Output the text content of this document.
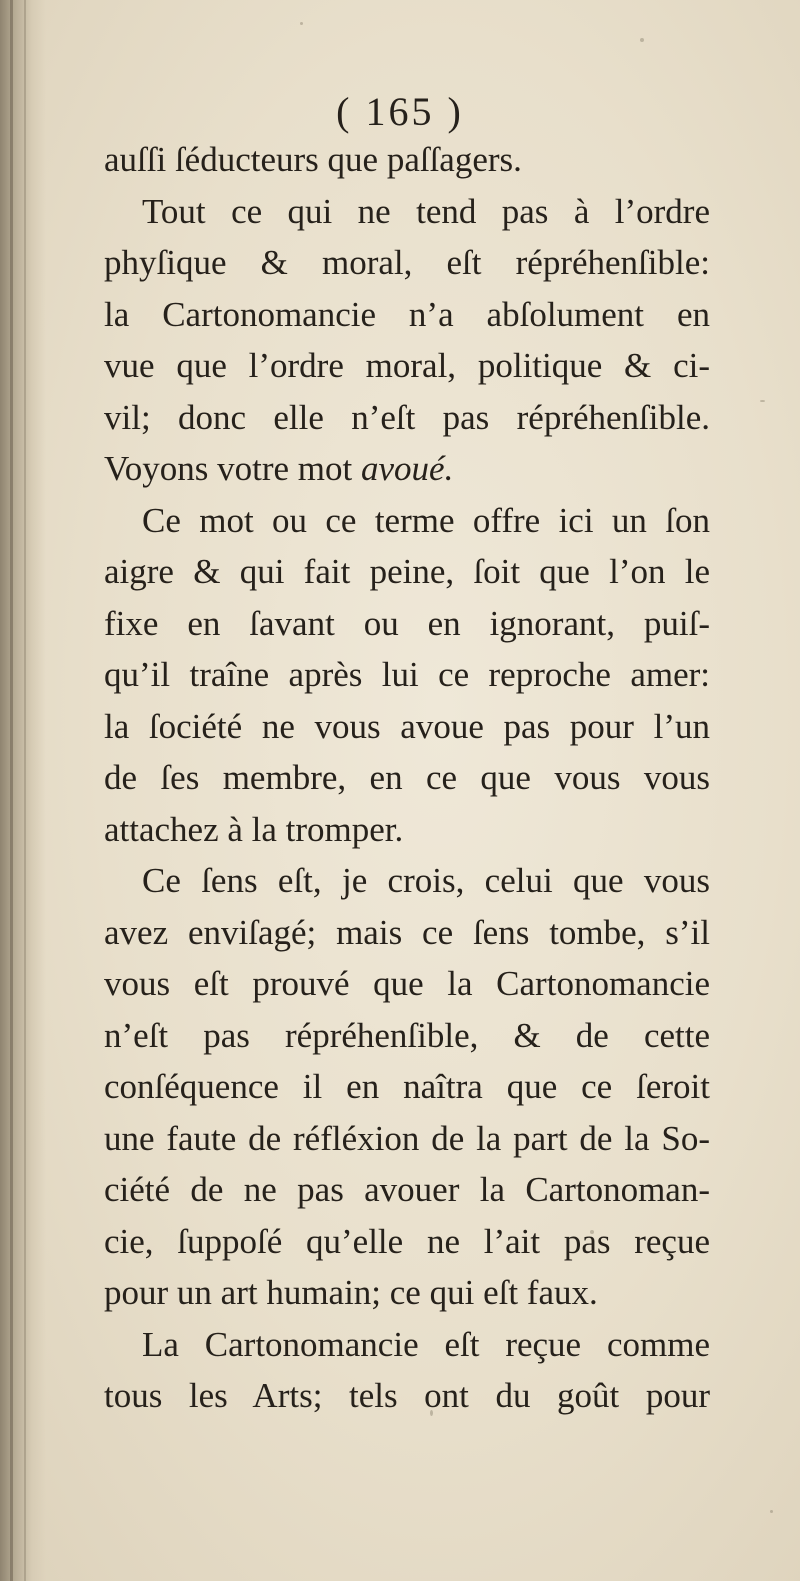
( 165 )
auſſi ſéducteurs que paſſagers.
Tout ce qui ne tend pas à l’ordre
phyſique & moral, eſt répréhenſible:
la Cartonomancie n’a abſolument en
vue que l’ordre moral, politique & ci-
vil; donc elle n’eſt pas répréhenſible.
Voyons votre mot avoué.
Ce mot ou ce terme offre ici un ſon
aigre & qui fait peine, ſoit que l’on le
fixe en ſavant ou en ignorant, puiſ-
qu’il traîne après lui ce reproche amer:
la ſociété ne vous avoue pas pour l’un
de ſes membre, en ce que vous vous
attachez à la tromper.
Ce ſens eſt, je crois, celui que vous
avez enviſagé; mais ce ſens tombe, s’il
vous eſt prouvé que la Cartonomancie
n’eſt pas répréhenſible, & de cette
conſéquence il en naîtra que ce ſeroit
une faute de réfléxion de la part de la So-
ciété de ne pas avouer la Cartonoman-
cie, ſuppoſé qu’elle ne l’ait pas reçue
pour un art humain; ce qui eſt faux.
La Cartonomancie eſt reçue comme
tous les Arts; tels ont du goût pour
